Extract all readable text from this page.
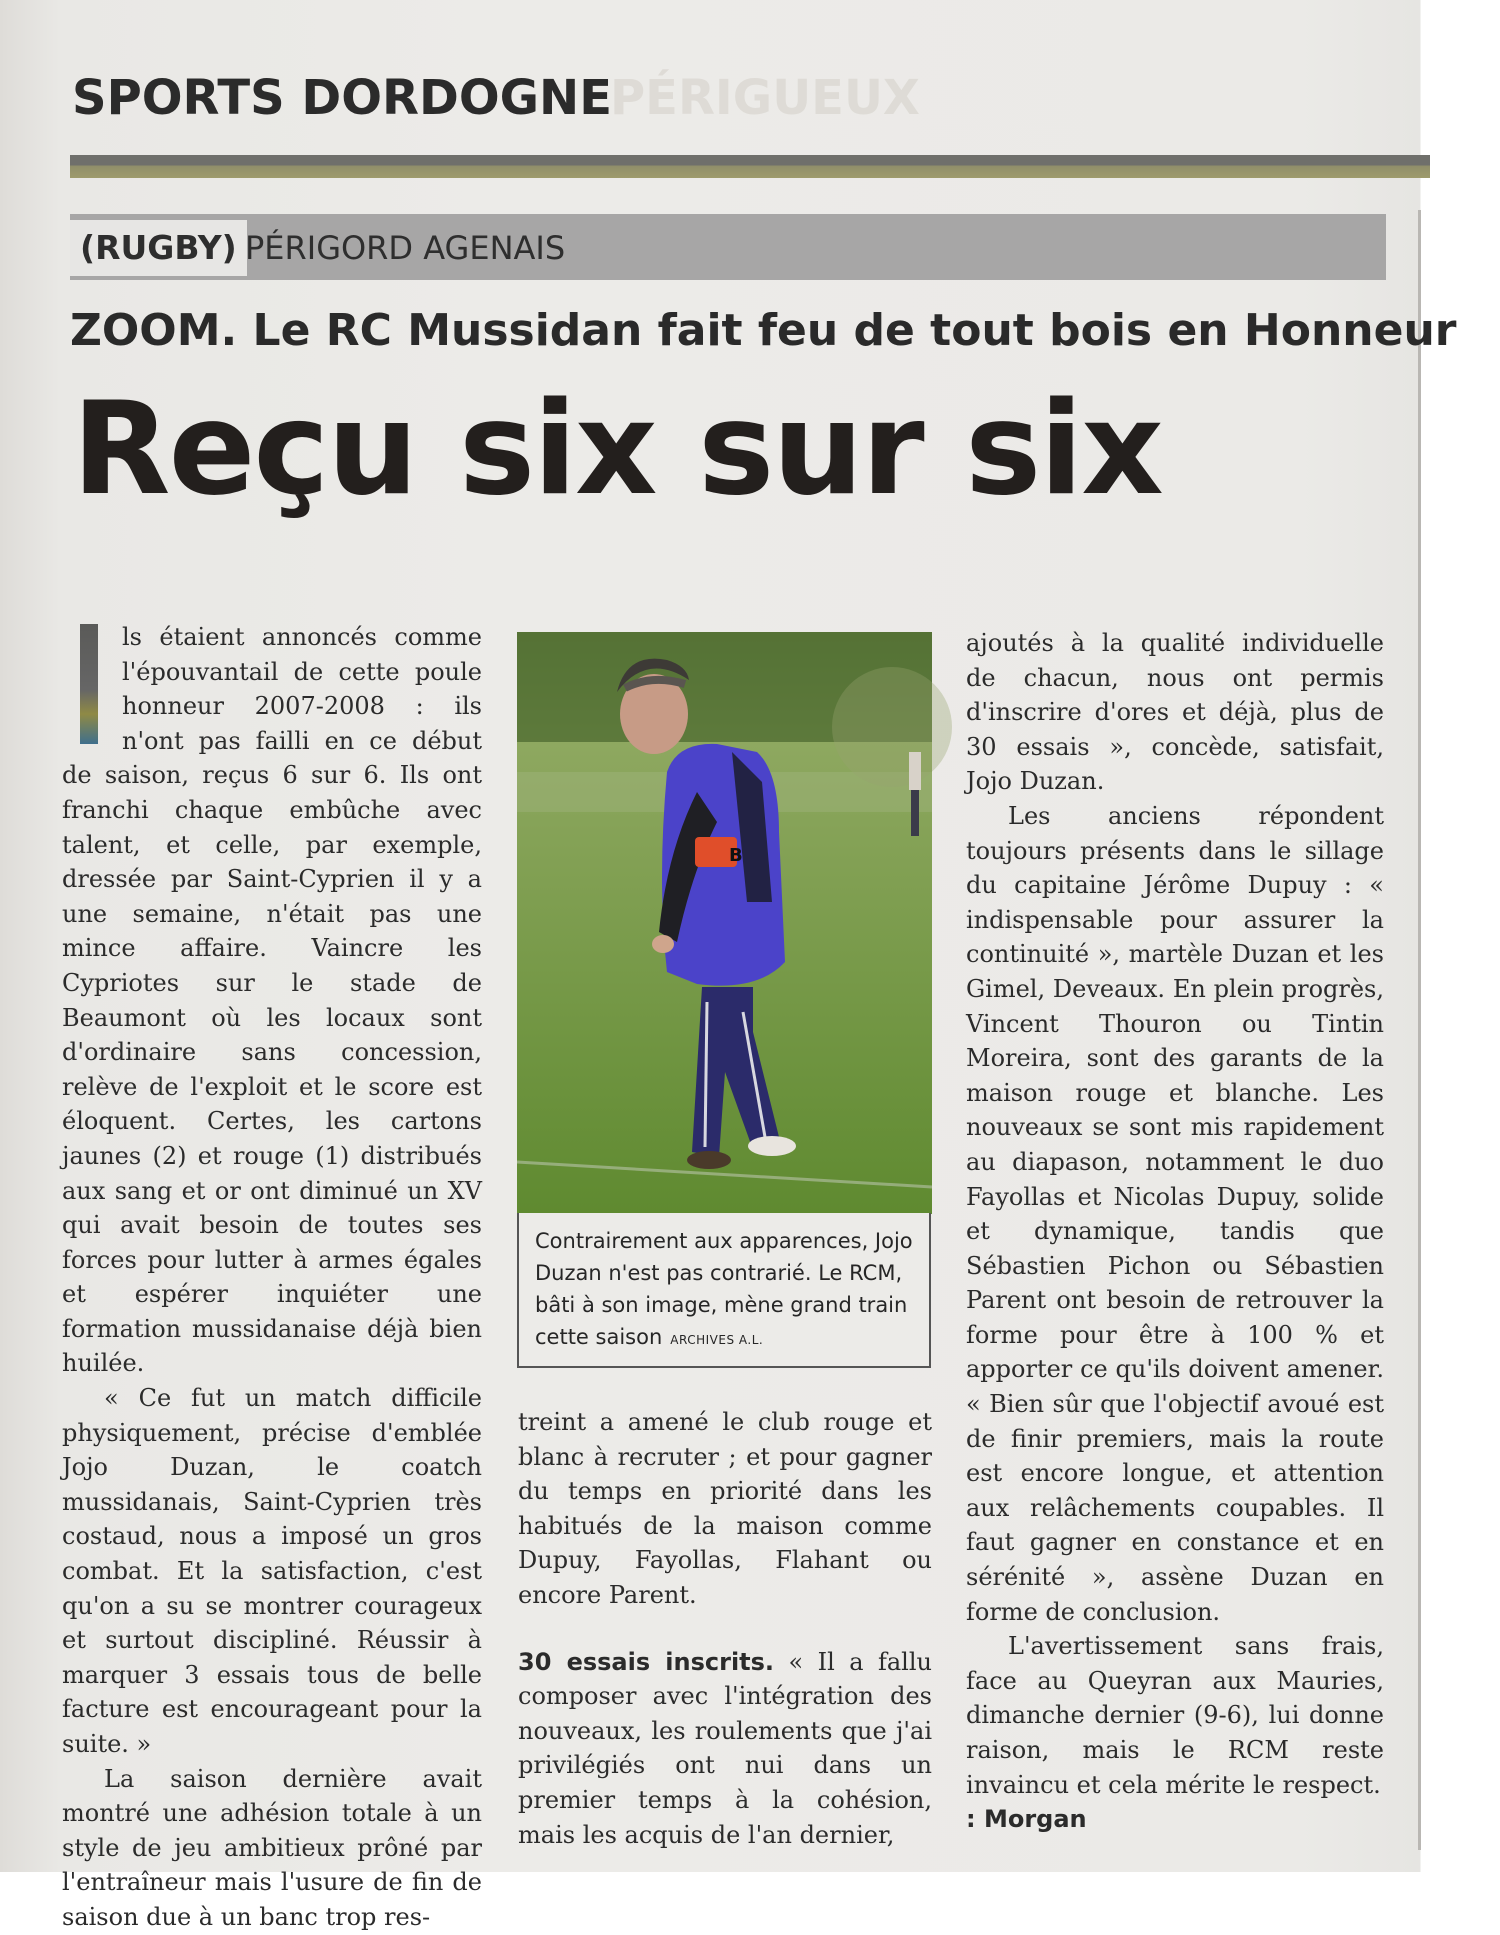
PÉRIGUEUX
SPORTS DORDOGNE
(RUGBY) PÉRIGORD AGENAIS
ZOOM. Le RC Mussidan fait feu de tout bois en Honneur
Reçu six sur six

ls étaient annoncés comme l'épouvantail de cette poule honneur 2007-2008 : ils n'ont pas failli en ce début de saison, reçus 6 sur 6. Ils ont franchi chaque embûche avec talent, et celle, par exemple, dressée par Saint-Cyprien il y a une semaine, n'était pas une mince affaire. Vaincre les Cypriotes sur le stade de Beaumont où les locaux sont d'ordinaire sans concession, relève de l'exploit et le score est éloquent. Certes, les cartons jaunes (2) et rouge (1) distribués aux sang et or ont diminué un XV qui avait besoin de toutes ses forces pour lutter à armes égales et espérer inquiéter une formation mussidanaise déjà bien huilée.

« Ce fut un match difficile physiquement, précise d'emblée Jojo Duzan, le coatch mussidanais, Saint-Cyprien très costaud, nous a imposé un gros combat. Et la satisfaction, c'est qu'on a su se montrer courageux et surtout discipliné. Réussir à marquer 3 essais tous de belle facture est encourageant pour la suite. »

La saison dernière avait montré une adhésion totale à un style de jeu ambitieux prôné par l'entraîneur mais l'usure de fin de saison due à un banc trop res-

B
Contrairement aux apparences, Jojo Duzan n'est pas contrarié. Le RCM, bâti à son image, mène grand train cette saison ARCHIVES A.L.

treint a amené le club rouge et blanc à recruter ; et pour gagner du temps en priorité dans les habitués de la maison comme Dupuy, Fayollas, Flahant ou encore Parent.

30 essais inscrits. « Il a fallu composer avec l'intégration des nouveaux, les roulements que j'ai privilégiés ont nui dans un premier temps à la cohésion, mais les acquis de l'an dernier,

ajoutés à la qualité individuelle de chacun, nous ont permis d'inscrire d'ores et déjà, plus de 30 essais », concède, satisfait, Jojo Duzan.

Les anciens répondent toujours présents dans le sillage du capitaine Jérôme Dupuy : « indispensable pour assurer la continuité », martèle Duzan et les Gimel, Deveaux. En plein progrès, Vincent Thouron ou Tintin Moreira, sont des garants de la maison rouge et blanche. Les nouveaux se sont mis rapidement au diapason, notamment le duo Fayollas et Nicolas Dupuy, solide et dynamique, tandis que Sébastien Pichon ou Sébastien Parent ont besoin de retrouver la forme pour être à 100 % et apporter ce qu'ils doivent amener. « Bien sûr que l'objectif avoué est de finir premiers, mais la route est encore longue, et attention aux relâchements coupables. Il faut gagner en constance et en sérénité », assène Duzan en forme de conclusion.

L'avertissement sans frais, face au Queyran aux Mauries, dimanche dernier (9-6), lui donne raison, mais le RCM reste invaincu et cela mérite le respect.

: Morgan
